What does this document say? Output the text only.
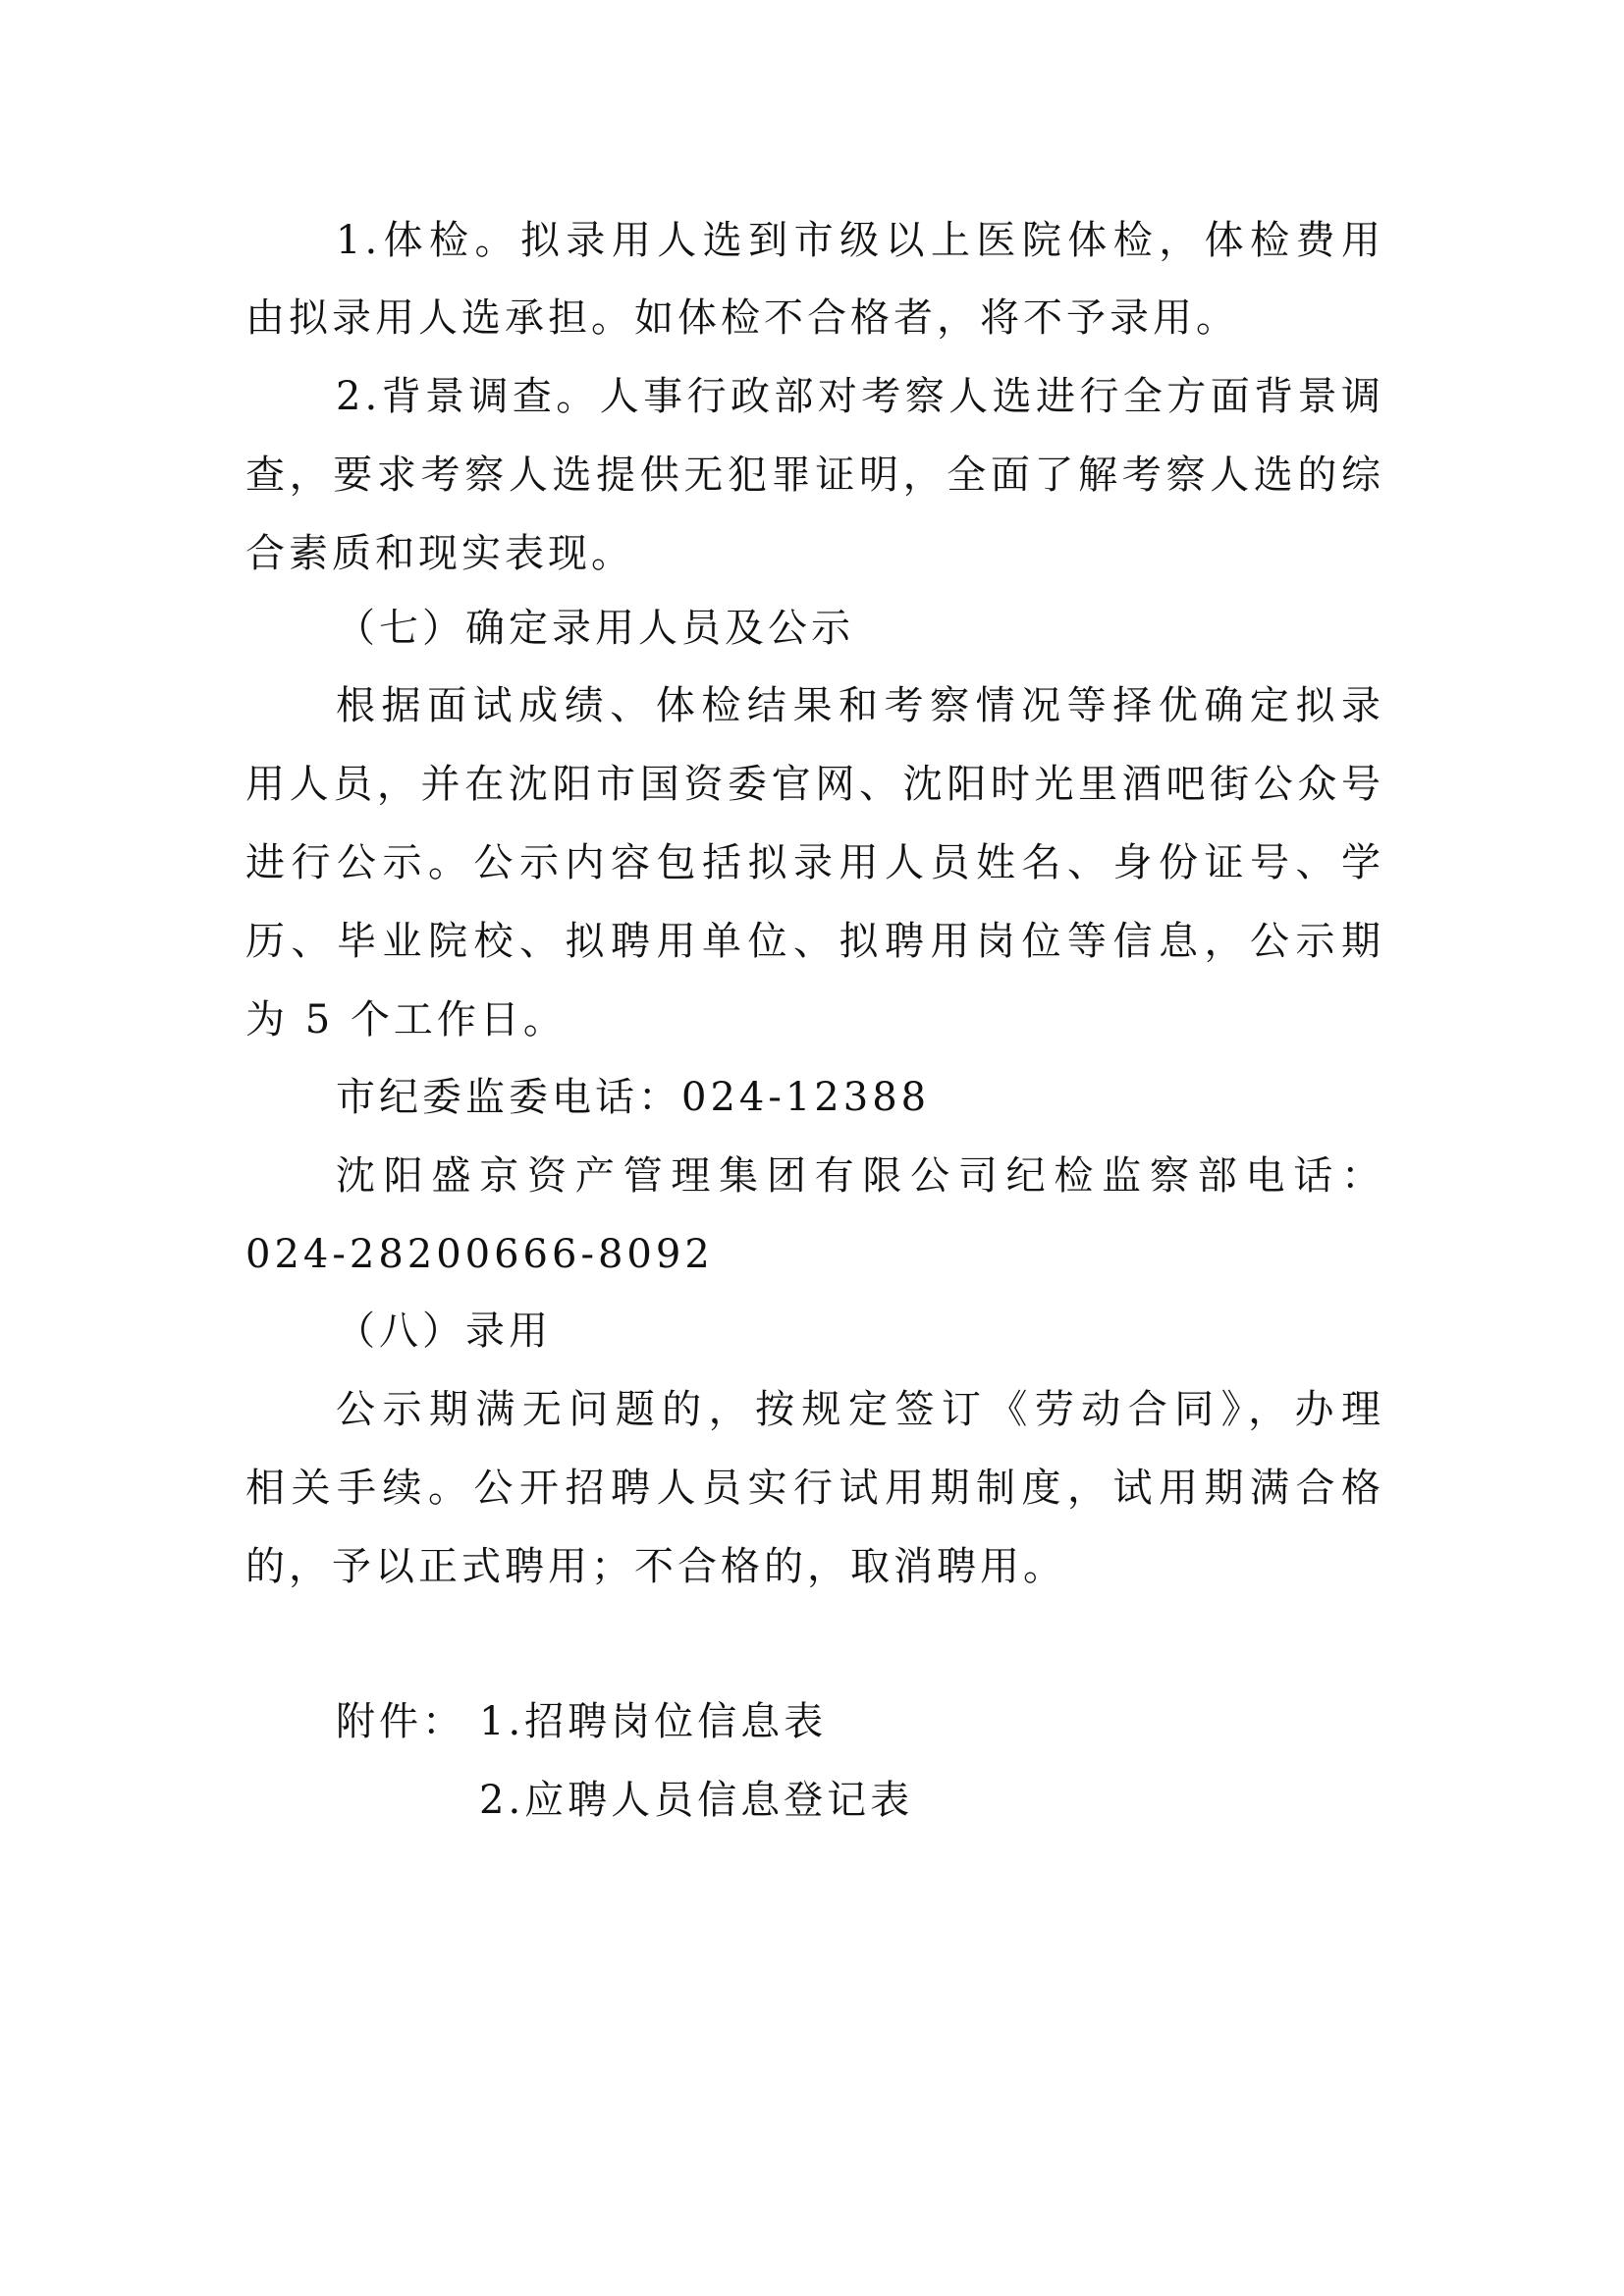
1.体检。拟录用人选到市级以上医院体检，体检费用
由拟录用人选承担。如体检不合格者，将不予录用。
2.背景调查。人事行政部对考察人选进行全方面背景调
查，要求考察人选提供无犯罪证明，全面了解考察人选的综
合素质和现实表现。
（七）确定录用人员及公示
根据面试成绩、体检结果和考察情况等择优确定拟录
用人员，并在沈阳市国资委官网、沈阳时光里酒吧街公众号
进行公示。公示内容包括拟录用人员姓名、身份证号、学
历、毕业院校、拟聘用单位、拟聘用岗位等信息，公示期
为 5 个工作日。
市纪委监委电话：024-12388
沈阳盛京资产管理集团有限公司纪检监察部电话：
024-28200666-8092
（八）录用
公示期满无问题的，按规定签订《劳动合同》，办理
相关手续。公开招聘人员实行试用期制度，试用期满合格
的，予以正式聘用；不合格的，取消聘用。
附件： 1.招聘岗位信息表
2.应聘人员信息登记表
